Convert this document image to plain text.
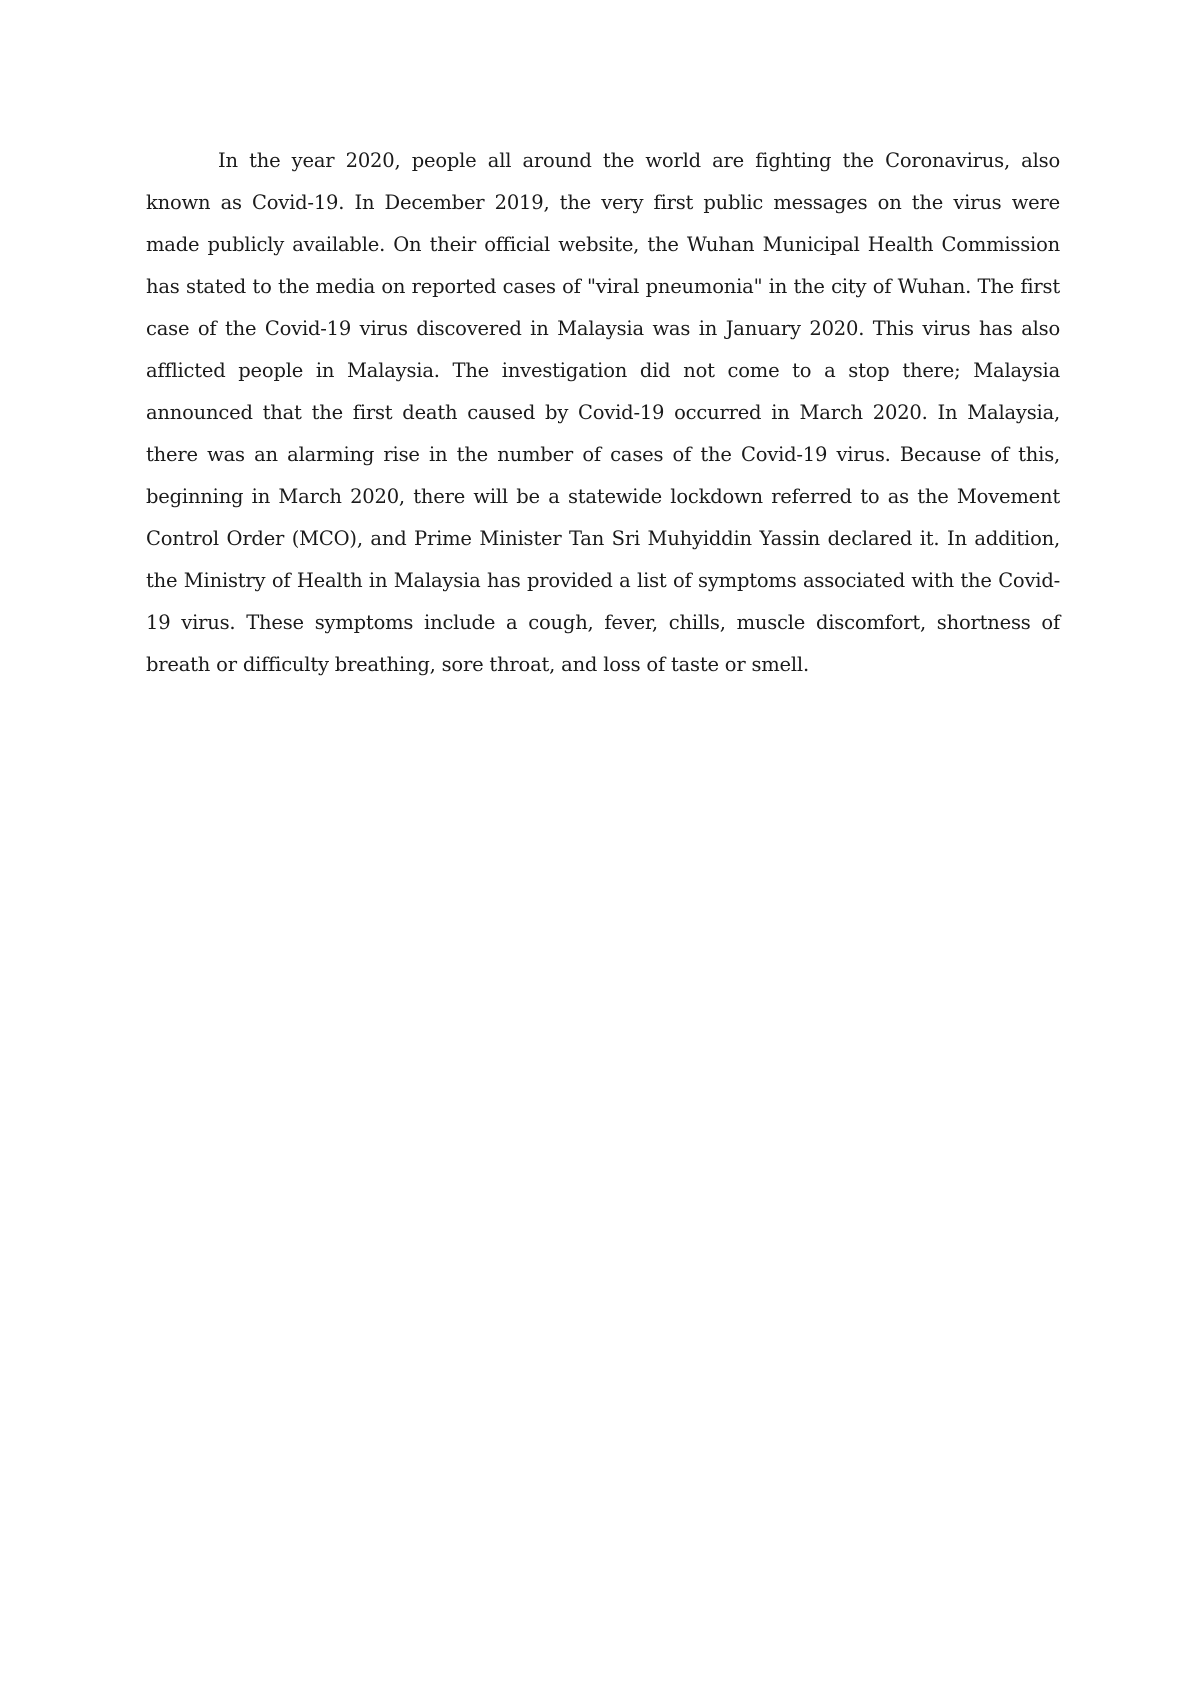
In the year 2020, people all around the world are fighting the Coronavirus, also known as Covid-19. In December 2019, the very first public messages on the virus were made publicly available. On their official website, the Wuhan Municipal Health Commission has stated to the media on reported cases of "viral pneumonia" in the city of Wuhan. The first case of the Covid-19 virus discovered in Malaysia was in January 2020. This virus has also afflicted people in Malaysia. The investigation did not come to a stop there; Malaysia announced that the first death caused by Covid-19 occurred in March 2020. In Malaysia, there was an alarming rise in the number of cases of the Covid-19 virus. Because of this, beginning in March 2020, there will be a statewide lockdown referred to as the Movement Control Order (MCO), and Prime Minister Tan Sri Muhyiddin Yassin declared it. In addition, the Ministry of Health in Malaysia has provided a list of symptoms associated with the Covid-19 virus. These symptoms include a cough, fever, chills, muscle discomfort, shortness of breath or difficulty breathing, sore throat, and loss of taste or smell.
